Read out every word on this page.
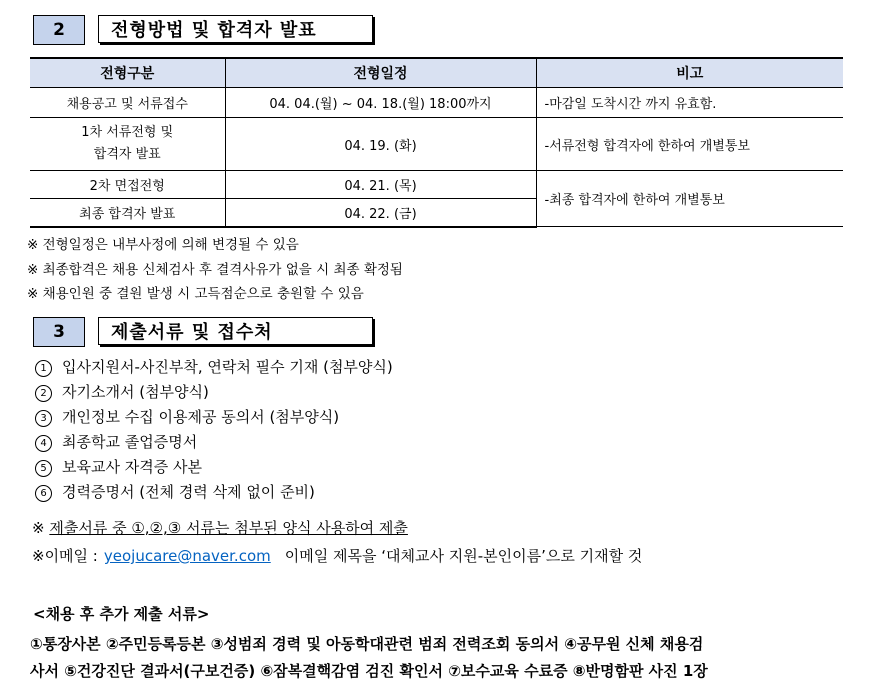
2	전형방법 및 합격자 발표
전형구분	전형일정	비고
채용공고 및 서류접수	04. 04.(월) ~ 04. 18.(월) 18:00까지	-마감일 도착시간 까지 유효함.

1차 서류전형 및
합격자 발표	04. 19. (화)	-서류전형 합격자에 한하여 개별통보
2차 면접전형	04. 21. (목)	-최종 합격자에 한하여 개별통보
최종 합격자 발표	04. 22. (금)	
※ 전형일정은 내부사정에 의해 변경될 수 있음
※ 최종합격은 채용 신체검사 후 결격사유가 없을 시 최종 확정됨
※ 채용인원 중 결원 발생 시 고득점순으로 충원할 수 있음
3	제출서류 및 접수처
1 입사지원서-사진부착, 연락처 필수 기재 (첨부양식)
2 자기소개서 (첨부양식)
3 개인정보 수집 이용제공 동의서 (첨부양식)
4 최종학교 졸업증명서
5 보육교사 자격증 사본
6 경력증명서 (전체 경력 삭제 없이 준비)
※ 제출서류 중 ①,②,③ 서류는 첨부된 양식 사용하여 제출
※이메일 : yeojucare@naver.com 이메일 제목을 ‘대체교사 지원-본인이름’으로 기재할 것
<채용 후 추가 제출 서류>
①통장사본 ②주민등록등본 ③성범죄 경력 및 아동학대관련 범죄 전력조회 동의서 ④공무원 신체 채용검
사서 ⑤건강진단 결과서(구보건증) ⑥잠복결핵감염 검진 확인서 ⑦보수교육 수료증 ⑧반명함판 사진 1장
